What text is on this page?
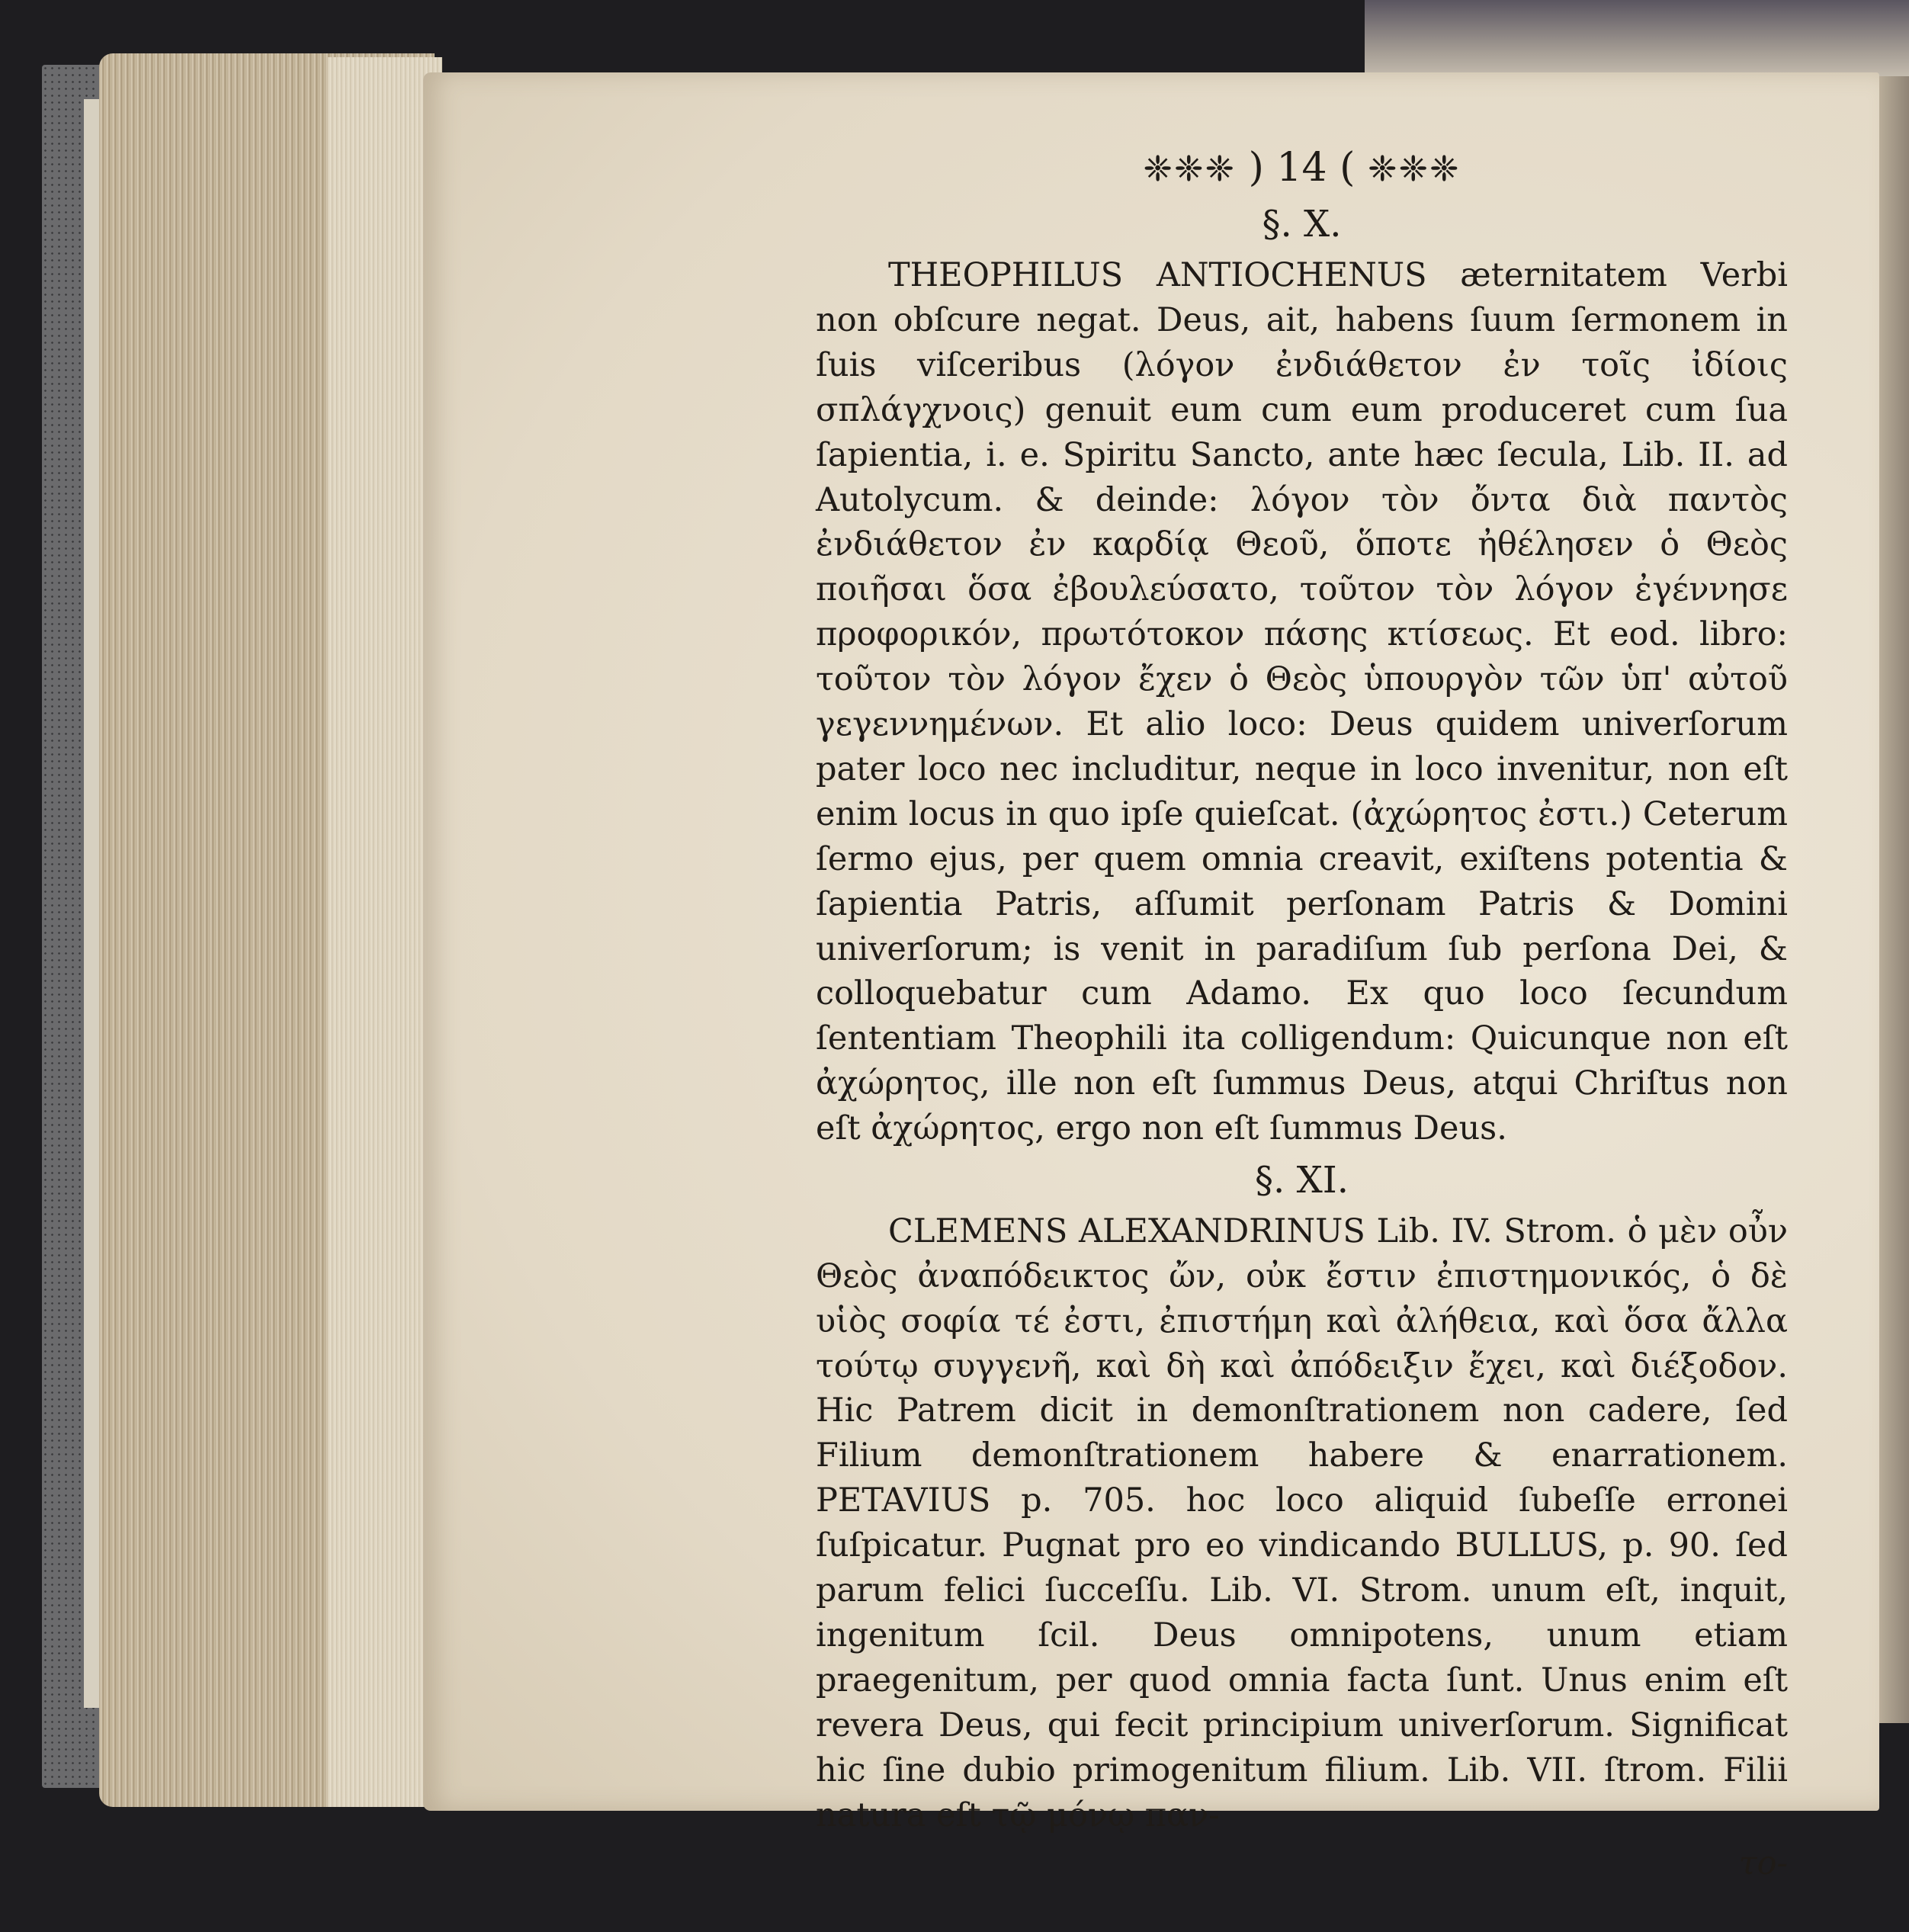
❈❈❈ ) 14 ( ❈❈❈
§. X.

THEOPHILUS ANTIOCHENUS æternitatem Verbi non obſcure negat. Deus, ait, habens ſuum ſermonem in ſuis viſceribus (λόγον ἐνδιάθετον ἐν τοῖς ἰδίοις σπλάγχνοις) genuit eum cum eum produceret cum ſua ſapientia, i. e. Spiritu Sancto, ante hæc ſecula, Lib. II. ad Autolycum. & deinde: λόγον τὸν ὄντα διὰ παντὸς ἐνδιάθετον ἐν καρδίᾳ Θεοῦ, ὅποτε ἠθέλησεν ὁ Θεὸς ποιῆσαι ὅσα ἐβουλεύσατο, τοῦτον τὸν λόγον ἐγέννησε προφορικόν, πρωτότοκον πάσης κτίσεως. Et eod. libro: τοῦτον τὸν λόγον ἔχεν ὁ Θεὸς ὑπουργὸν τῶν ὑπ' αὐτοῦ γεγεννημένων. Et alio loco: Deus quidem univerſorum pater loco nec includitur, neque in loco invenitur, non eſt enim locus in quo ipſe quieſcat. (ἀχώρητος ἐστι.) Ceterum ſermo ejus, per quem omnia creavit, exiſtens potentia & ſapientia Patris, aſſumit perſonam Patris & Domini univerſorum; is venit in paradiſum ſub perſona Dei, & colloquebatur cum Adamo. Ex quo loco ſecundum ſententiam Theophili ita colligendum: Quicunque non eſt ἀχώρητος, ille non eſt ſummus Deus, atqui Chriſtus non eſt ἀχώρητος, ergo non eſt ſummus Deus.

§. XI.

CLEMENS ALEXANDRINUS Lib. IV. Strom. ὁ μὲν οὖν Θεὸς ἀναπόδεικτος ὤν, οὐκ ἔστιν ἐπιστημονικός, ὁ δὲ υἱὸς σοφία τέ ἐστι, ἐπιστήμη καὶ ἀλήθεια, καὶ ὅσα ἄλλα τούτῳ συγγενῆ, καὶ δὴ καὶ ἀπόδειξιν ἔχει, καὶ διέξοδον. Hic Patrem dicit in demonſtrationem non cadere, ſed Filium demonſtrationem habere & enarrationem. PETAVIUS p. 705. hoc loco aliquid ſubeſſe erronei ſuſpicatur. Pugnat pro eo vindicando BULLUS, p. 90. ſed parum felici ſucceſſu. Lib. VI. Strom. unum eſt, inquit, ingenitum ſcil. Deus omnipotens, unum etiam praegenitum, per quod omnia facta ſunt. Unus enim eſt revera Deus, qui fecit principium univerſorum. Significat hic ſine dubio primogenitum filium. Lib. VII. ſtrom. Filii natura eſt τῷ μόνῳ παν-

το-
